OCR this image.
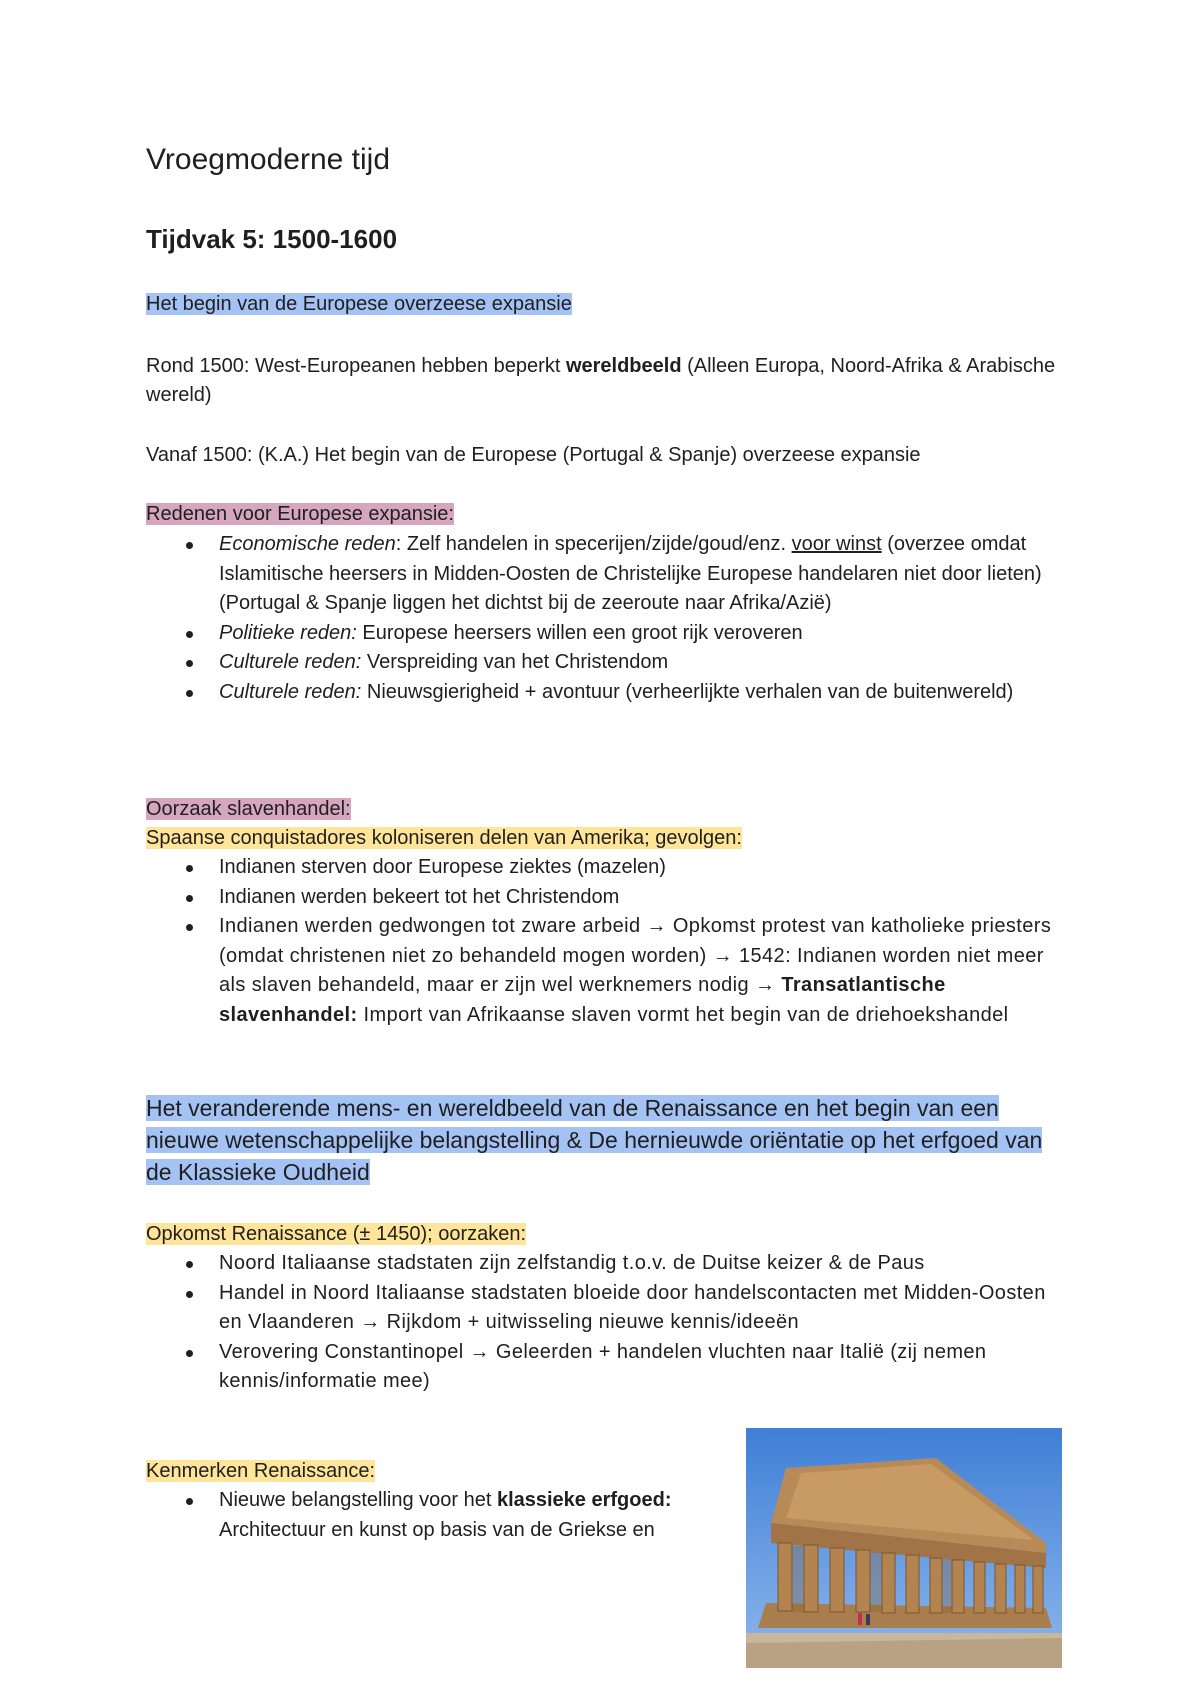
Vroegmoderne tijd
Tijdvak 5: 1500-1600
Het begin van de Europese overzeese expansie
Rond 1500: West-Europeanen hebben beperkt wereldbeeld (Alleen Europa, Noord-Afrika & Arabische wereld)
Vanaf 1500: (K.A.) Het begin van de Europese (Portugal & Spanje) overzeese expansie
Redenen voor Europese expansie:
Economische reden: Zelf handelen in specerijen/zijde/goud/enz. voor winst (overzee omdat Islamitische heersers in Midden-Oosten de Christelijke Europese handelaren niet door lieten) (Portugal & Spanje liggen het dichtst bij de zeeroute naar Afrika/Azië)
Politieke reden: Europese heersers willen een groot rijk veroveren
Culturele reden: Verspreiding van het Christendom
Culturele reden: Nieuwsgierigheid + avontuur (verheerlijkte verhalen van de buitenwereld)
Oorzaak slavenhandel:
Spaanse conquistadores koloniseren delen van Amerika; gevolgen:
Indianen sterven door Europese ziektes (mazelen)
Indianen werden bekeert tot het Christendom
Indianen werden gedwongen tot zware arbeid → Opkomst protest van katholieke priesters (omdat christenen niet zo behandeld mogen worden) → 1542: Indianen worden niet meer als slaven behandeld, maar er zijn wel werknemers nodig → Transatlantische slavenhandel: Import van Afrikaanse slaven vormt het begin van de driehoekshandel
Het veranderende mens- en wereldbeeld van de Renaissance en het begin van een nieuwe wetenschappelijke belangstelling & De hernieuwde oriëntatie op het erfgoed van de Klassieke Oudheid
Opkomst Renaissance (± 1450); oorzaken:
Noord Italiaanse stadstaten zijn zelfstandig t.o.v. de Duitse keizer & de Paus
Handel in Noord Italiaanse stadstaten bloeide door handelscontacten met Midden-Oosten en Vlaanderen → Rijkdom + uitwisseling nieuwe kennis/ideeën
Verovering Constantinopel → Geleerden + handelen vluchten naar Italië (zij nemen kennis/informatie mee)
Kenmerken Renaissance:
Nieuwe belangstelling voor het klassieke erfgoed: Architectuur en kunst op basis van de Griekse en
